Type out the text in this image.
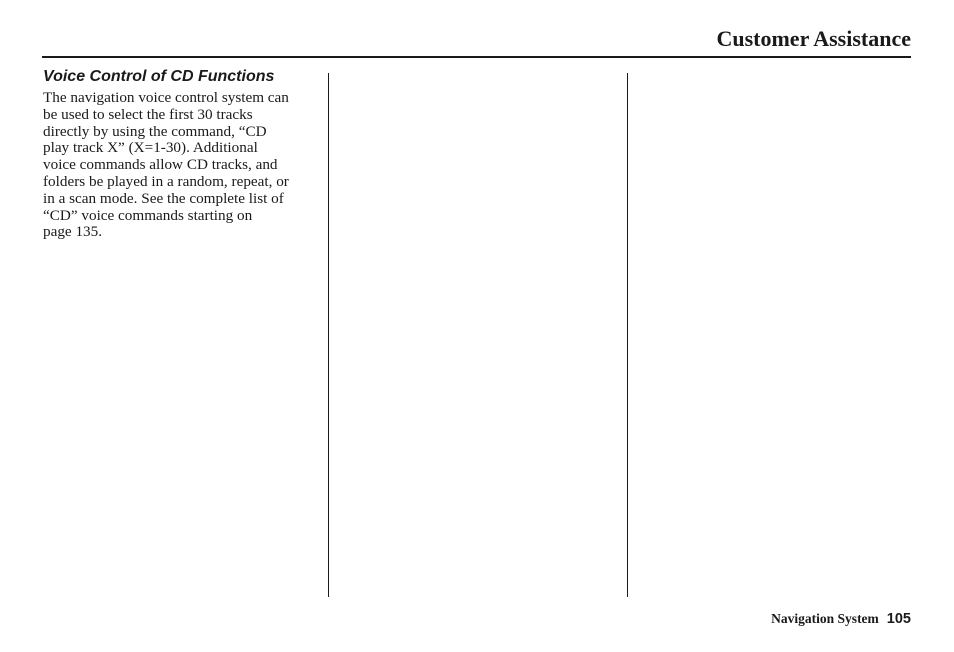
Customer Assistance
Voice Control of CD Functions
The navigation voice control system can
be used to select the first 30 tracks
directly by using the command, “CD
play track X” (X=1-30). Additional
voice commands allow CD tracks, and
folders be played in a random, repeat, or
in a scan mode. See the complete list of
“CD” voice commands starting on
page 135.
Navigation System 105
